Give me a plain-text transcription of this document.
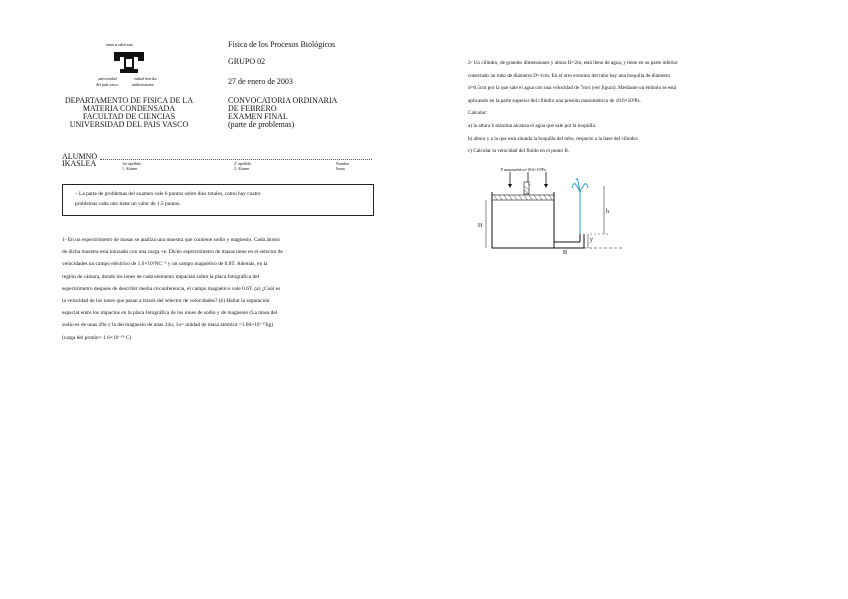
eman ta zabal zazu
universidad
del país vasco
euskal herriko
unibertsitatea
DEPARTAMENTO DE FISICA DE LA
MATERIA CONDENSADA
FACULTAD DE CIENCIAS
UNIVERSIDAD DEL PAIS VASCO
Física de los Procesos Biológicos
GRUPO 02
27 de enero de 2003
CONVOCATORIA ORDINARIA
DE FEBRERO
EXAMEN FINAL
(parte de problemas)
ALUMNO
IKASLEA	1er apellido
1. Abizen
2º apellido
2. Abizen
Nombre
Izena
– La parte de problemas del examen vale 6 puntos sobre diez totales, como hay cuatro
problemas cada uno tiene un valor de 1.5 puntos.
1- En un espectrómetro de masas se analiza una muestra que contiene sodio y magnesio. Cada átomo
de dicha muestra está ionizado con una carga +e. Dicho espectrómetro de masas tiene en el selector de
velocidades un campo eléctrico de 1.6×10⁵NC⁻¹ y un campo magnético de 0.8T. Además, en la
región de cámara, donde los iones de cada elemento impactan sobre la placa fotográfica del
espectrómetro después de describir media circunferencia, el campo magnético vale 0.6T. (a) ¿Cuál es
la velocidad de los iones que pasan a través del selector de velocidades? (b) Hallar la separación
espacial entre los impactos en la placa fotográfica de los iones de sodio y de magnesio (La masa del
sodio es de unas 20u y la del magnesio de unas 24u, 1u= unidad de masa atómica =1.66×10⁻²⁷kg)
(carga del protón= 1.6×10⁻¹⁹ C)
2- Un cilindro, de grandes dimensiones y altura H=2m, está lleno de agua, y tiene en su parte inferior
conectado un tubo de diámetro D=1cm. En el otro extremo del tubo hay una boquilla de diámetro
d=0.5cm por la que sale el agua con una velocidad de 7m/s (ver figura). Mediante un émbolo se está
aplicando en la parte superior del cilindro una presión manométrica de 18.6×10³Pa.
Calcular:
a) la altura h máxima alcanza el agua que sale por la boquilla.
b) altura y a la que está situada la boquilla del tubo, respecto a la base del cilindro
c) Calcular la velocidad del fluido en el punto B.
P manométrica=18.6×10³Pa
H
h
y
B
